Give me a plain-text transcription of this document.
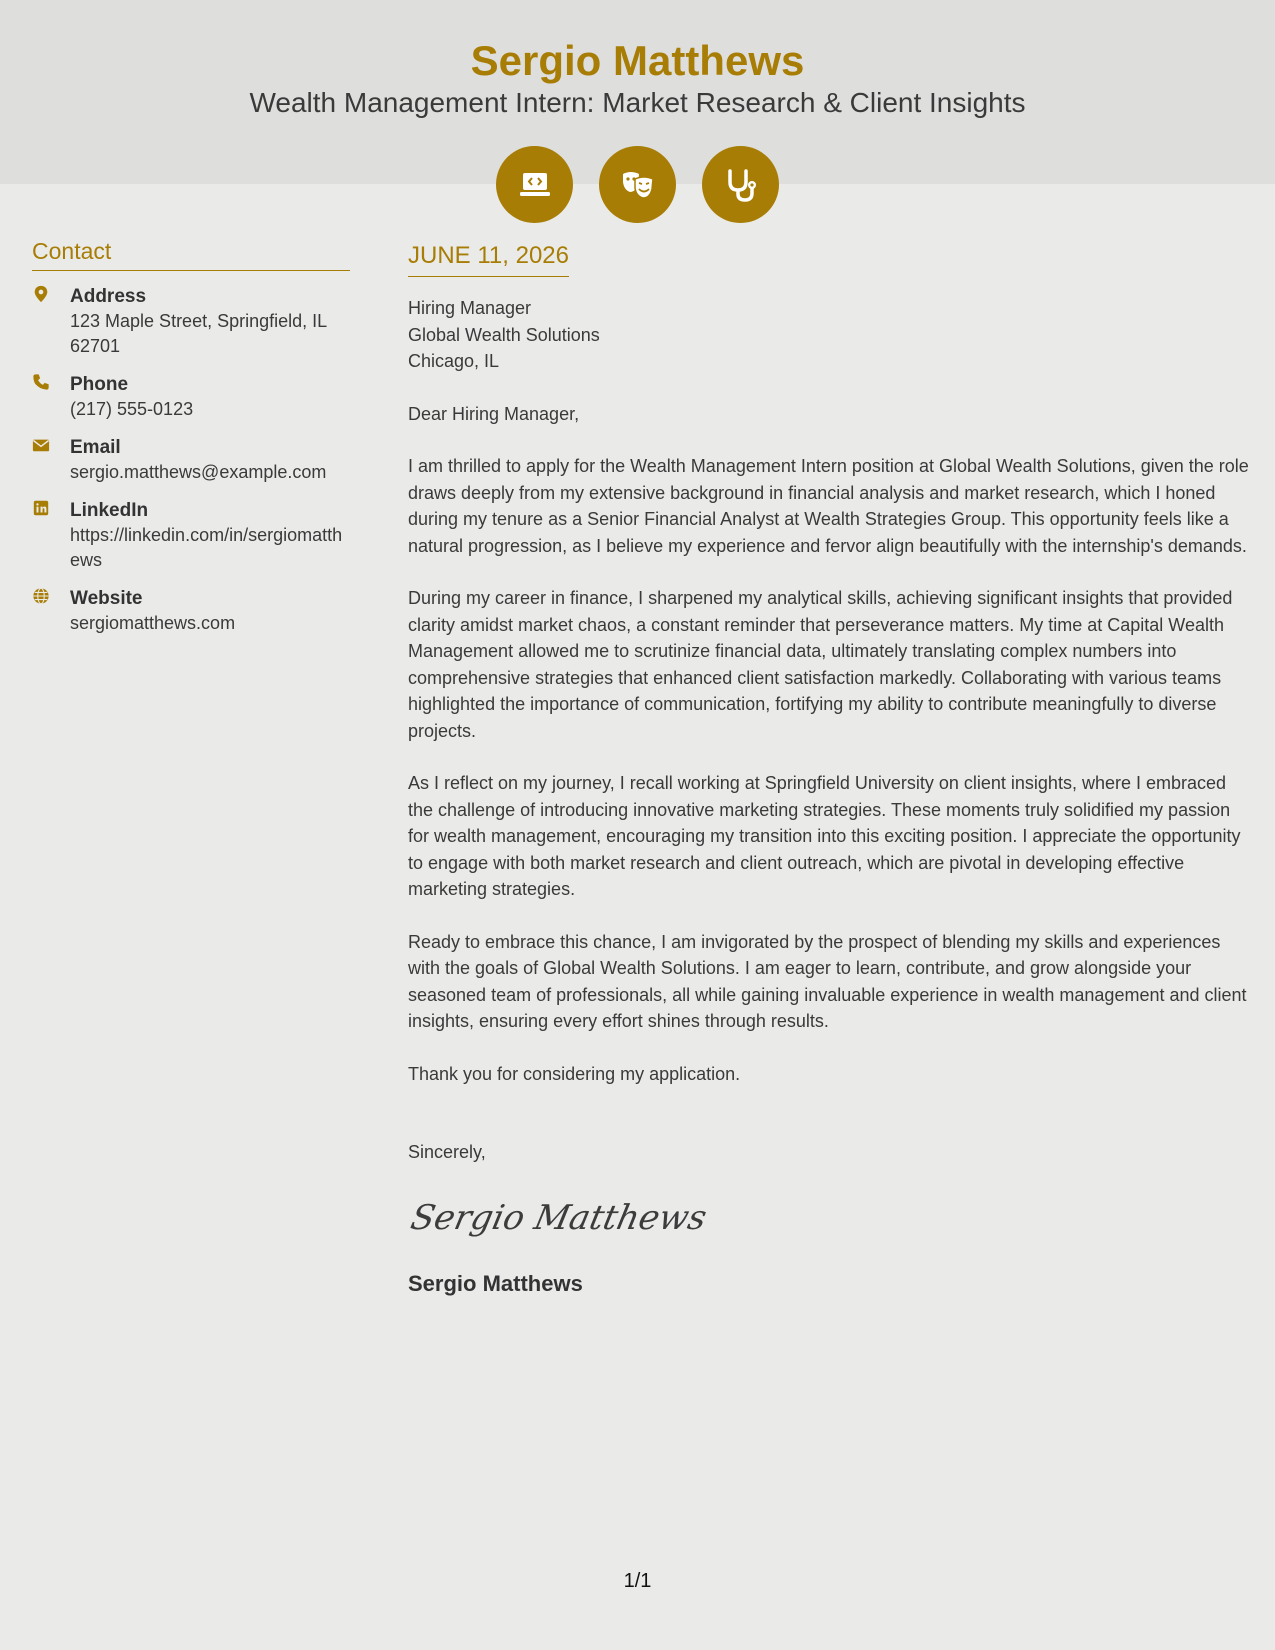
Sergio Matthews
Wealth Management Intern: Market Research & Client Insights
Contact
Address
123 Maple Street, Springfield, IL 62701
Phone
(217) 555-0123
Email
sergio.matthews@example.com
LinkedIn
https://linkedin.com/in/sergiomatthews
Website
sergiomatthews.com
JUNE 11, 2026
Hiring Manager
Global Wealth Solutions
Chicago, IL
Dear Hiring Manager,
I am thrilled to apply for the Wealth Management Intern position at Global Wealth Solutions, given the role draws deeply from my extensive background in financial analysis and market research, which I honed during my tenure as a Senior Financial Analyst at Wealth Strategies Group. This opportunity feels like a natural progression, as I believe my experience and fervor align beautifully with the internship's demands.
During my career in finance, I sharpened my analytical skills, achieving significant insights that provided clarity amidst market chaos, a constant reminder that perseverance matters. My time at Capital Wealth Management allowed me to scrutinize financial data, ultimately translating complex numbers into comprehensive strategies that enhanced client satisfaction markedly. Collaborating with various teams highlighted the importance of communication, fortifying my ability to contribute meaningfully to diverse projects.
As I reflect on my journey, I recall working at Springfield University on client insights, where I embraced the challenge of introducing innovative marketing strategies. These moments truly solidified my passion for wealth management, encouraging my transition into this exciting position. I appreciate the opportunity to engage with both market research and client outreach, which are pivotal in developing effective marketing strategies.
Ready to embrace this chance, I am invigorated by the prospect of blending my skills and experiences with the goals of Global Wealth Solutions. I am eager to learn, contribute, and grow alongside your seasoned team of professionals, all while gaining invaluable experience in wealth management and client insights, ensuring every effort shines through results.
Thank you for considering my application.
Sincerely,
Sergio Matthews
Sergio Matthews
1/1
